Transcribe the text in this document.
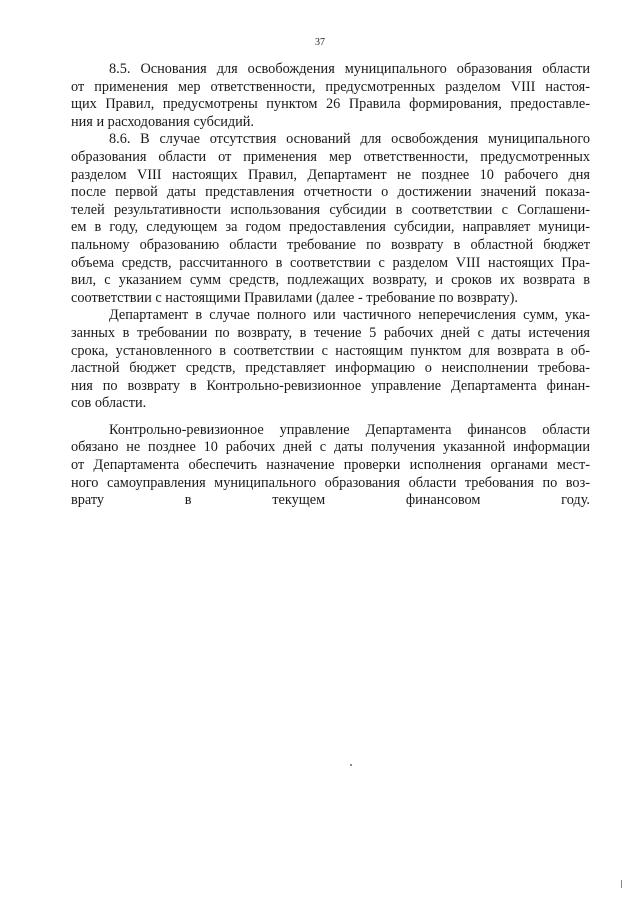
37
8.5. Основания для освобождения муниципального образования области
от применения мер ответственности, предусмотренных разделом VIII настоя-
щих Правил, предусмотрены пунктом 26 Правила формирования, предоставле-
ния и расходования субсидий.
8.6. В случае отсутствия оснований для освобождения муниципального
образования области от применения мер ответственности, предусмотренных
разделом VIII настоящих Правил, Департамент не позднее 10 рабочего дня
после первой даты представления отчетности о достижении значений показа-
телей результативности использования субсидии в соответствии с Соглашени-
ем в году, следующем за годом предоставления субсидии, направляет муници-
пальному образованию области требование по возврату в областной бюджет
объема средств, рассчитанного в соответствии с разделом VIII настоящих Пра-
вил, с указанием сумм средств, подлежащих возврату, и сроков их возврата в
соответствии с настоящими Правилами (далее - требование по возврату).
Департамент в случае полного или частичного неперечисления сумм, ука-
занных в требовании по возврату, в течение 5 рабочих дней с даты истечения
срока, установленного в соответствии с настоящим пунктом для возврата в об-
ластной бюджет средств, представляет информацию о неисполнении требова-
ния по возврату в Контрольно-ревизионное управление Департамента финан-
сов области.
Контрольно-ревизионное управление Департамента финансов области
обязано не позднее 10 рабочих дней с даты получения указанной информации
от Департамента обеспечить назначение проверки исполнения органами мест-
ного самоуправления муниципального образования области требования по воз-
врату в текущем финансовом году.
